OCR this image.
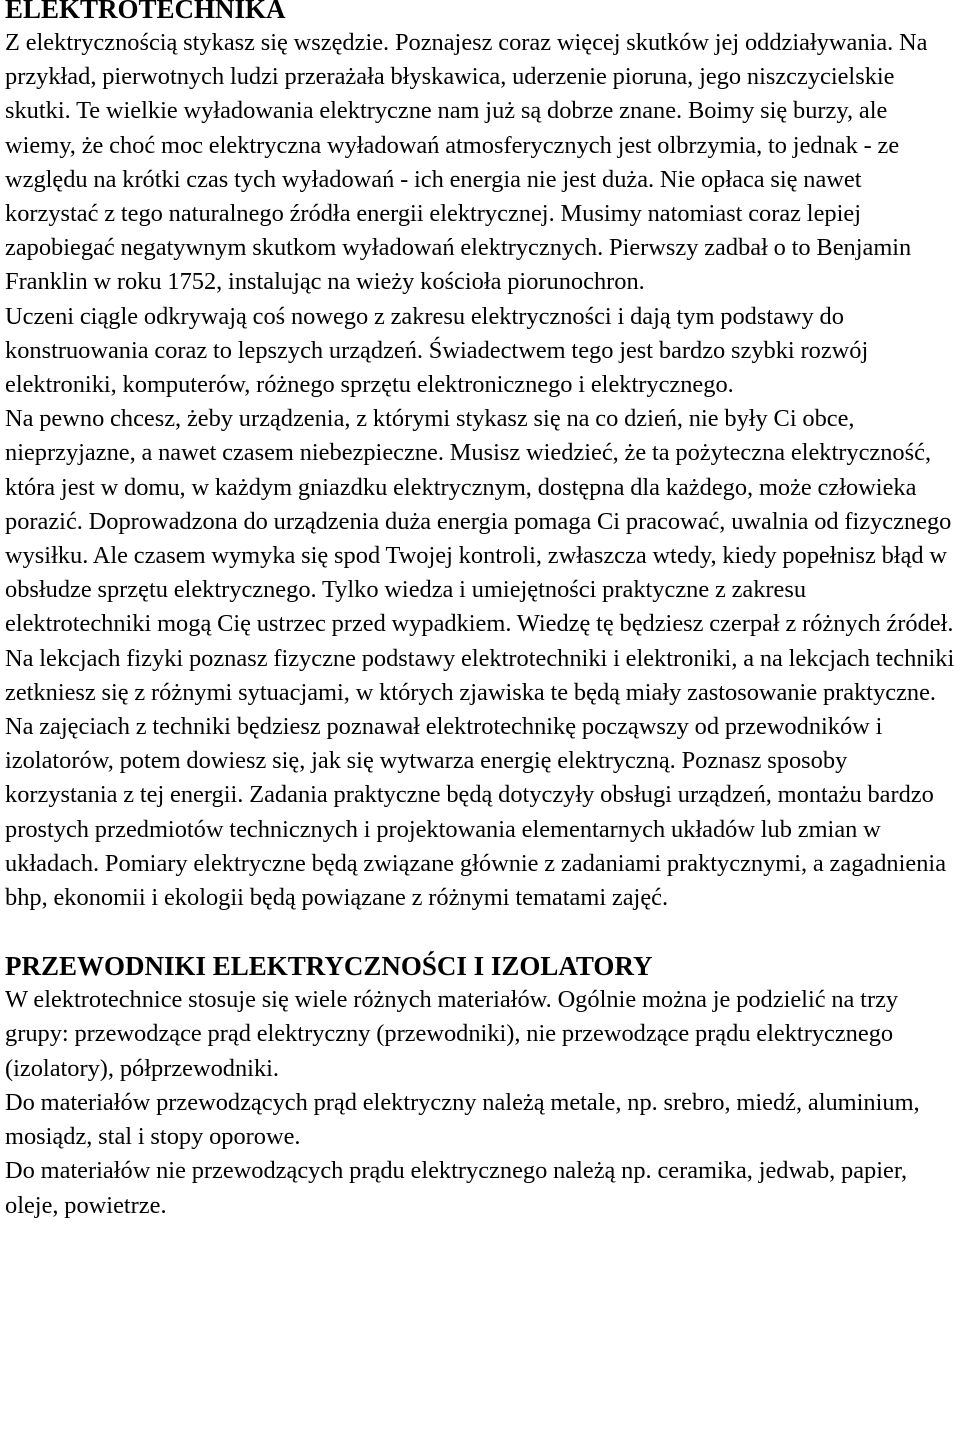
ELEKTROTECHNIKA

Z elektrycznością stykasz się wszędzie. Poznajesz coraz więcej skutków jej oddziaływania. Na przykład, pierwotnych ludzi przerażała błyskawica, uderzenie pioruna, jego niszczycielskie skutki. Te wielkie wyładowania elektryczne nam już są dobrze znane. Boimy się burzy, ale wiemy, że choć moc elektryczna wyładowań atmosferycznych jest olbrzymia, to jednak - ze względu na krótki czas tych wyładowań - ich energia nie jest duża. Nie opłaca się nawet korzystać z tego naturalnego źródła energii elektrycznej. Musimy natomiast coraz lepiej zapobiegać negatywnym skutkom wyładowań elektrycznych. Pierwszy zadbał o to Benjamin Franklin w roku 1752, instalując na wieży kościoła piorunochron.

Uczeni ciągle odkrywają coś nowego z zakresu elektryczności i dają tym podstawy do konstruowania coraz to lepszych urządzeń. Świadectwem tego jest bardzo szybki rozwój elektroniki, komputerów, różnego sprzętu elektronicznego i elektrycznego.

Na pewno chcesz, żeby urządzenia, z którymi stykasz się na co dzień, nie były Ci obce, nieprzyjazne, a nawet czasem niebezpieczne. Musisz wiedzieć, że ta pożyteczna elektryczność, która jest w domu, w każdym gniazdku elektrycznym, dostępna dla każdego, może człowieka porazić. Doprowadzona do urządzenia duża energia pomaga Ci pracować, uwalnia od fizycznego wysiłku. Ale czasem wymyka się spod Twojej kontroli, zwłaszcza wtedy, kiedy popełnisz błąd w obsłudze sprzętu elektrycznego. Tylko wiedza i umiejętności praktyczne z zakresu elektrotechniki mogą Cię ustrzec przed wypadkiem. Wiedzę tę będziesz czerpał z różnych źródeł.

Na lekcjach fizyki poznasz fizyczne podstawy elektrotechniki i elektroniki, a na lekcjach techniki zetkniesz się z różnymi sytuacjami, w których zjawiska te będą miały zastosowanie praktyczne.

Na zajęciach z techniki będziesz poznawał elektrotechnikę począwszy od przewodników i izolatorów, potem dowiesz się, jak się wytwarza energię elektryczną. Poznasz sposoby korzystania z tej energii. Zadania praktyczne będą dotyczyły obsługi urządzeń, montażu bardzo prostych przedmiotów technicznych i projektowania elementarnych układów lub zmian w układach. Pomiary elektryczne będą związane głównie z zadaniami praktycznymi, a zagadnienia bhp, ekonomii i ekologii będą powiązane z różnymi tematami zajęć.

PRZEWODNIKI ELEKTRYCZNOŚCI I IZOLATORY

W elektrotechnice stosuje się wiele różnych materiałów. Ogólnie można je podzielić na trzy grupy: przewodzące prąd elektryczny (przewodniki), nie przewodzące prądu elektrycznego (izolatory), półprzewodniki.

Do materiałów przewodzących prąd elektryczny należą metale, np. srebro, miedź, aluminium, mosiądz, stal i stopy oporowe.

Do materiałów nie przewodzących prądu elektrycznego należą np. ceramika, jedwab, papier, oleje, powietrze.
